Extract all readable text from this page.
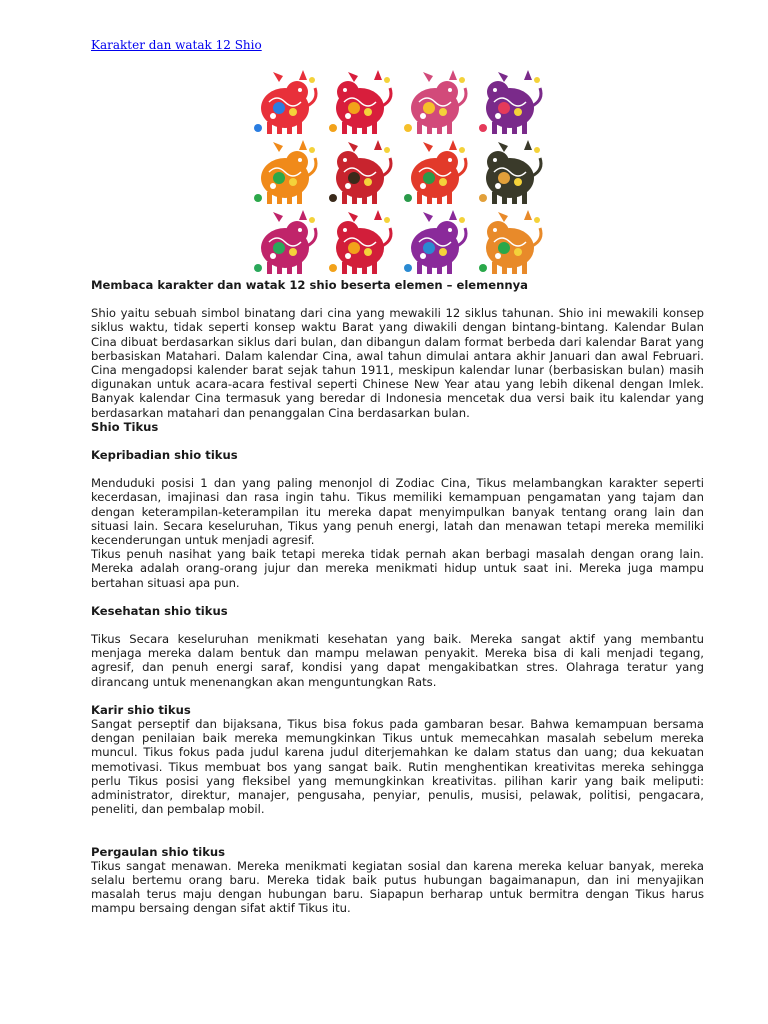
Karakter dan watak 12 Shio

Membaca karakter dan watak 12 shio beserta elemen – elemennya

Shio yaitu sebuah simbol binatang dari cina yang mewakili 12 siklus tahunan. Shio ini mewakili konsep siklus waktu, tidak seperti konsep waktu Barat yang diwakili dengan bintang-bintang. Kalendar Bulan Cina dibuat berdasarkan siklus dari bulan, dan dibangun dalam format berbeda dari kalendar Barat yang berbasiskan Matahari. Dalam kalendar Cina, awal tahun dimulai antara akhir Januari dan awal Februari. Cina mengadopsi kalender barat sejak tahun 1911, meskipun kalendar lunar (berbasiskan bulan) masih digunakan untuk acara-acara festival seperti Chinese New Year atau yang lebih dikenal dengan Imlek. Banyak kalendar Cina termasuk yang beredar di Indonesia mencetak dua versi baik itu kalendar yang berdasarkan matahari dan penanggalan Cina berdasarkan bulan.

Shio Tikus

Kepribadian shio tikus

Menduduki posisi 1 dan yang paling menonjol di Zodiac Cina, Tikus melambangkan karakter seperti kecerdasan, imajinasi dan rasa ingin tahu. Tikus memiliki kemampuan pengamatan yang tajam dan dengan keterampilan-keterampilan itu mereka dapat menyimpulkan banyak tentang orang lain dan situasi lain. Secara keseluruhan, Tikus yang penuh energi, latah dan menawan tetapi mereka memiliki kecenderungan untuk menjadi agresif.

Tikus penuh nasihat yang baik tetapi mereka tidak pernah akan berbagi masalah dengan orang lain. Mereka adalah orang-orang jujur dan mereka menikmati hidup untuk saat ini. Mereka juga mampu bertahan situasi apa pun.

Kesehatan shio tikus

Tikus Secara keseluruhan menikmati kesehatan yang baik. Mereka sangat aktif yang membantu menjaga mereka dalam bentuk dan mampu melawan penyakit. Mereka bisa di kali menjadi tegang, agresif, dan penuh energi saraf, kondisi yang dapat mengakibatkan stres. Olahraga teratur yang dirancang untuk menenangkan akan menguntungkan Rats.

Karir shio tikus

Sangat perseptif dan bijaksana, Tikus bisa fokus pada gambaran besar. Bahwa kemampuan bersama dengan penilaian baik mereka memungkinkan Tikus untuk memecahkan masalah sebelum mereka muncul. Tikus fokus pada judul karena judul diterjemahkan ke dalam status dan uang; dua kekuatan memotivasi. Tikus membuat bos yang sangat baik. Rutin menghentikan kreativitas mereka sehingga perlu Tikus posisi yang fleksibel yang memungkinkan kreativitas. pilihan karir yang baik meliputi: administrator, direktur, manajer, pengusaha, penyiar, penulis, musisi, pelawak, politisi, pengacara, peneliti, dan pembalap mobil.

Pergaulan shio tikus

Tikus sangat menawan. Mereka menikmati kegiatan sosial dan karena mereka keluar banyak, mereka selalu bertemu orang baru. Mereka tidak baik putus hubungan bagaimanapun, dan ini menyajikan masalah terus maju dengan hubungan baru. Siapapun berharap untuk bermitra dengan Tikus harus mampu bersaing dengan sifat aktif Tikus itu.
